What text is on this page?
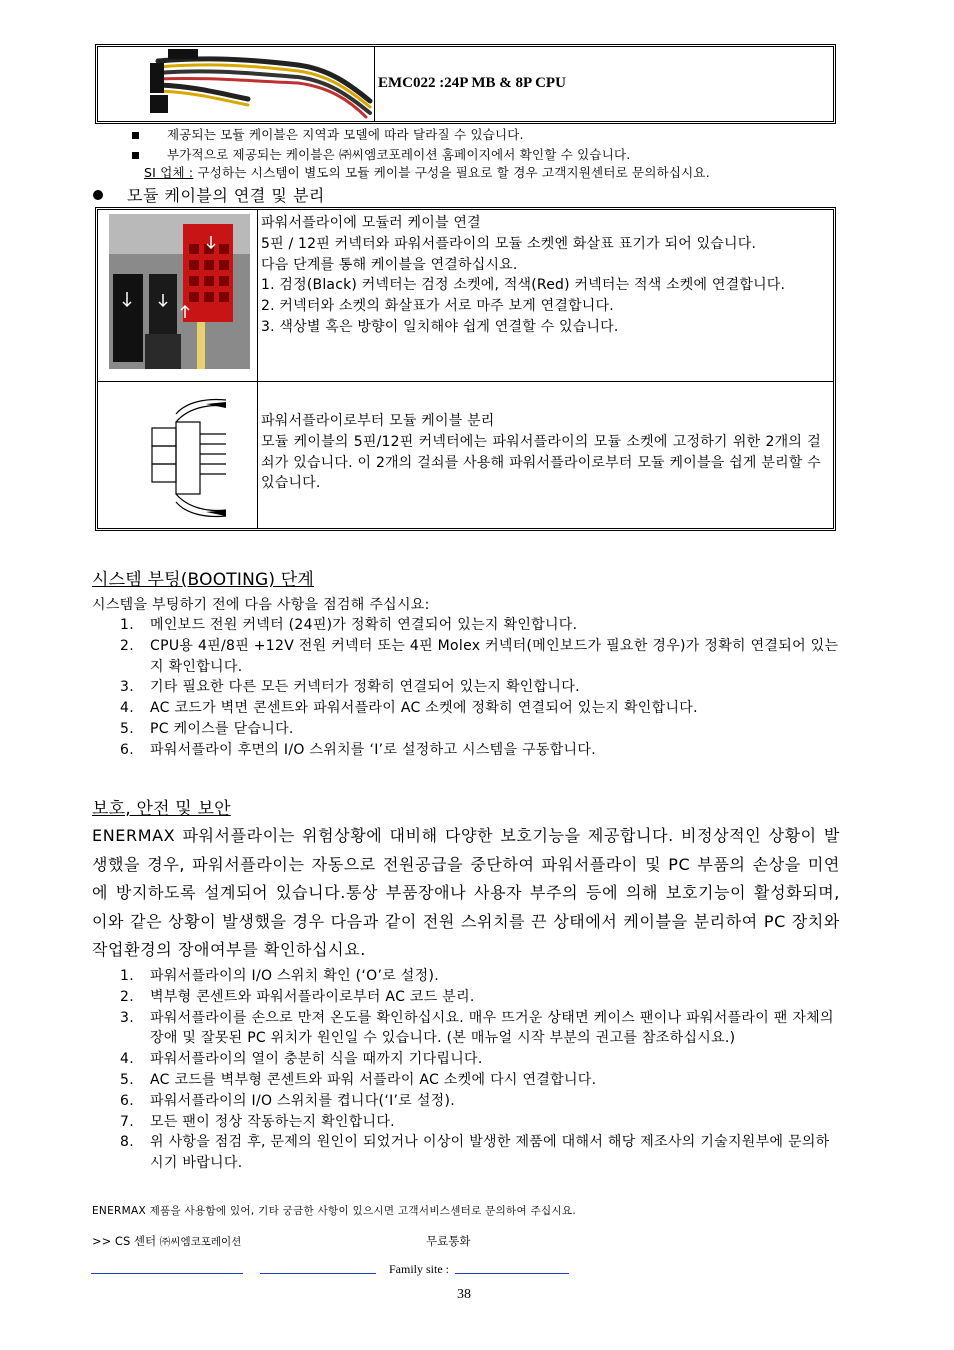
EMC022 :24P MB & 8P CPU
제공되는 모듈 케이블은 지역과 모델에 따라 달라질 수 있습니다.
부가적으로 제공되는 케이블은 ㈜씨엠코포레이션 홈페이지에서 확인할 수 있습니다.
SI 업체 : 구성하는 시스템이 별도의 모듈 케이블 구성을 필요로 할 경우 고객지원센터로 문의하십시요.
모듈 케이블의 연결 및 분리

파워서플라이에 모듈러 케이블 연결

5핀 / 12핀 커넥터와 파워서플라이의 모듈 소켓엔 화살표 표기가 되어 있습니다.

다음 단계를 통해 케이블을 연결하십시요.

1. 검정(Black) 커넥터는 검정 소켓에, 적색(Red) 커넥터는 적색 소켓에 연결합니다.

2. 커넥터와 소켓의 화살표가 서로 마주 보게 연결합니다.

3. 색상별 혹은 방향이 일치해야 쉽게 연결할 수 있습니다.

파워서플라이로부터 모듈 케이블 분리

모듈 케이블의 5핀/12핀 커넥터에는 파워서플라이의 모듈 소켓에 고정하기 위한 2개의 걸쇠가 있습니다. 이 2개의 걸쇠를 사용해 파워서플라이로부터 모듈 케이블을 쉽게 분리할 수 있습니다.

시스템 부팅(BOOTING) 단계
시스템을 부팅하기 전에 다음 사항을 점검해 주십시요:
1. 메인보드 전원 커넥터 (24핀)가 정확히 연결되어 있는지 확인합니다.
2. CPU용 4핀/8핀 +12V 전원 커넥터 또는 4핀 Molex 커넥터(메인보드가 필요한 경우)가 정확히 연결되어 있는지 확인합니다.
3. 기타 필요한 다른 모든 커넥터가 정확히 연결되어 있는지 확인합니다.
4. AC 코드가 벽면 콘센트와 파워서플라이 AC 소켓에 정확히 연결되어 있는지 확인합니다.
5. PC 케이스를 닫습니다.
6. 파워서플라이 후면의 I/O 스위치를 ‘I’로 설정하고 시스템을 구동합니다.
보호, 안전 및 보안
ENERMAX 파워서플라이는 위험상황에 대비해 다양한 보호기능을 제공합니다. 비정상적인 상황이 발생했을 경우, 파워서플라이는 자동으로 전원공급을 중단하여 파워서플라이 및 PC 부품의 손상을 미연에 방지하도록 설계되어 있습니다.통상 부품장애나 사용자 부주의 등에 의해 보호기능이 활성화되며, 이와 같은 상황이 발생했을 경우 다음과 같이 전원 스위치를 끈 상태에서 케이블을 분리하여 PC 장치와 작업환경의 장애여부를 확인하십시요.
1. 파워서플라이의 I/O 스위치 확인 (‘O’로 설정).
2. 벽부형 콘센트와 파워서플라이로부터 AC 코드 분리.
3. 파워서플라이를 손으로 만져 온도를 확인하십시요. 매우 뜨거운 상태면 케이스 팬이나 파워서플라이 팬 자체의 장애 및 잘못된 PC 위치가 원인일 수 있습니다. (본 매뉴얼 시작 부분의 권고를 참조하십시요.)
4. 파워서플라이의 열이 충분히 식을 때까지 기다립니다.
5. AC 코드를 벽부형 콘센트와 파워 서플라이 AC 소켓에 다시 연결합니다.
6. 파워서플라이의 I/O 스위치를 켭니다(‘I’로 설정).
7. 모든 팬이 정상 작동하는지 확인합니다.
8. 위 사항을 점검 후, 문제의 원인이 되었거나 이상이 발생한 제품에 대해서 해당 제조사의 기술지원부에 문의하시기 바랍니다.
ENERMAX 제품을 사용함에 있어, 기타 궁금한 사항이 있으시면 고객서비스센터로 문의하여 주십시요.
>> CS 센터 ㈜씨엠코포레이션	무료통화
Family site :
38
